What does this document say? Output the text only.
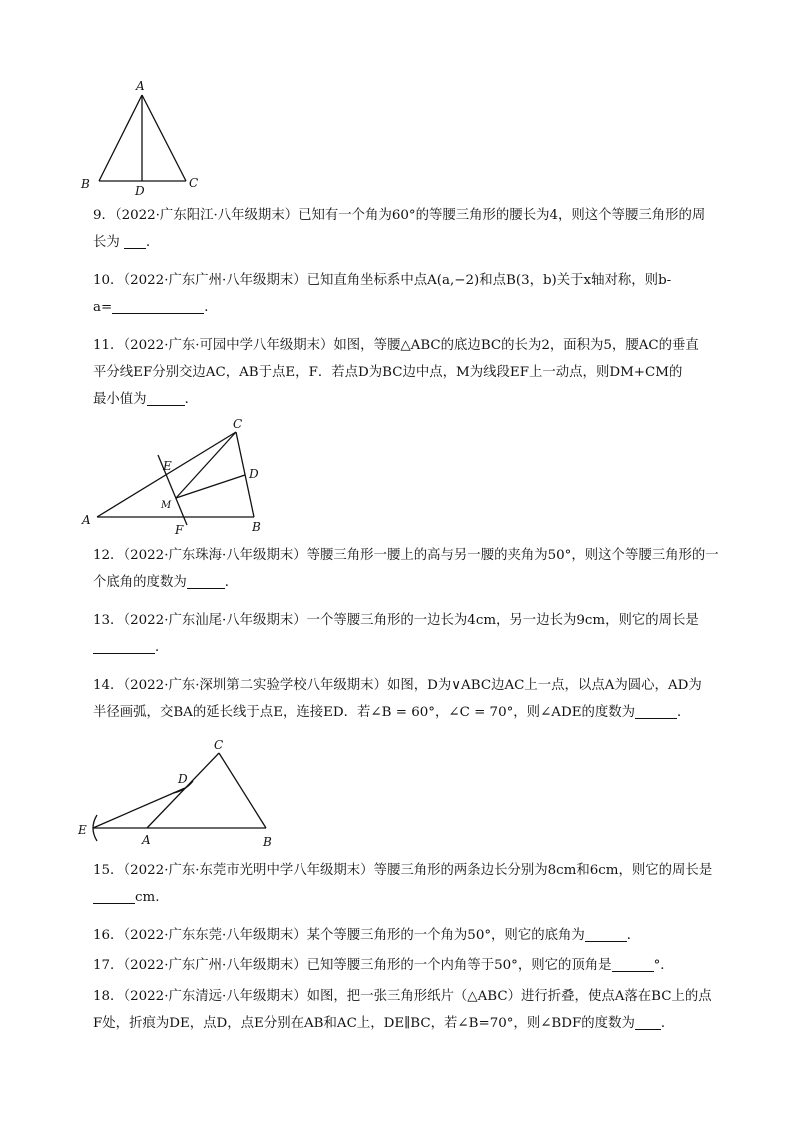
A
B	D
C
C
E
D
M
A
F	B
C
D
E
A	B
9．（2022·广东阳江·八年级期末）已知有一个角为60°的等腰三角形的腰长为4，则这个等腰三角形的周
长为 ．
10．（2022·广东广州·八年级期末）已知直角坐标系中点A(a,−2)和点B(3，b)关于x轴对称，则b-
a=	．
11．（2022·广东·可园中学八年级期末）如图，等腰△ABC的底边BC的长为2，面积为5，腰AC的垂直
平分线EF分别交边AC，AB于点E，F．若点D为BC边中点，M为线段EF上一动点，则DM+CM的
最小值为	．
12．（2022·广东珠海·八年级期末）等腰三角形一腰上的高与另一腰的夹角为50°，则这个等腰三角形的一
个底角的度数为	．
13．（2022·广东汕尾·八年级期末）一个等腰三角形的一边长为4cm，另一边长为9cm，则它的周长是
．
14．（2022·广东·深圳第二实验学校八年级期末）如图，D为∨ABC边AC上一点，以点A为圆心，AD为
半径画弧，交BA的延长线于点E，连接ED．若∠B = 60°，∠C = 70°，则∠ADE的度数为	．
15．（2022·广东·东莞市光明中学八年级期末）等腰三角形的两条边长分别为8cm和6cm，则它的周长是
cm.
16．（2022·广东东莞·八年级期末）某个等腰三角形的一个角为50°，则它的底角为	．
17．（2022·广东广州·八年级期末）已知等腰三角形的一个内角等于50°，则它的顶角是	°．
18．（2022·广东清远·八年级期末）如图，把一张三角形纸片（△ABC）进行折叠，使点A落在BC上的点
F处，折痕为DE，点D，点E分别在AB和AC上，DE∥BC，若∠B=70°，则∠BDF的度数为 ．
